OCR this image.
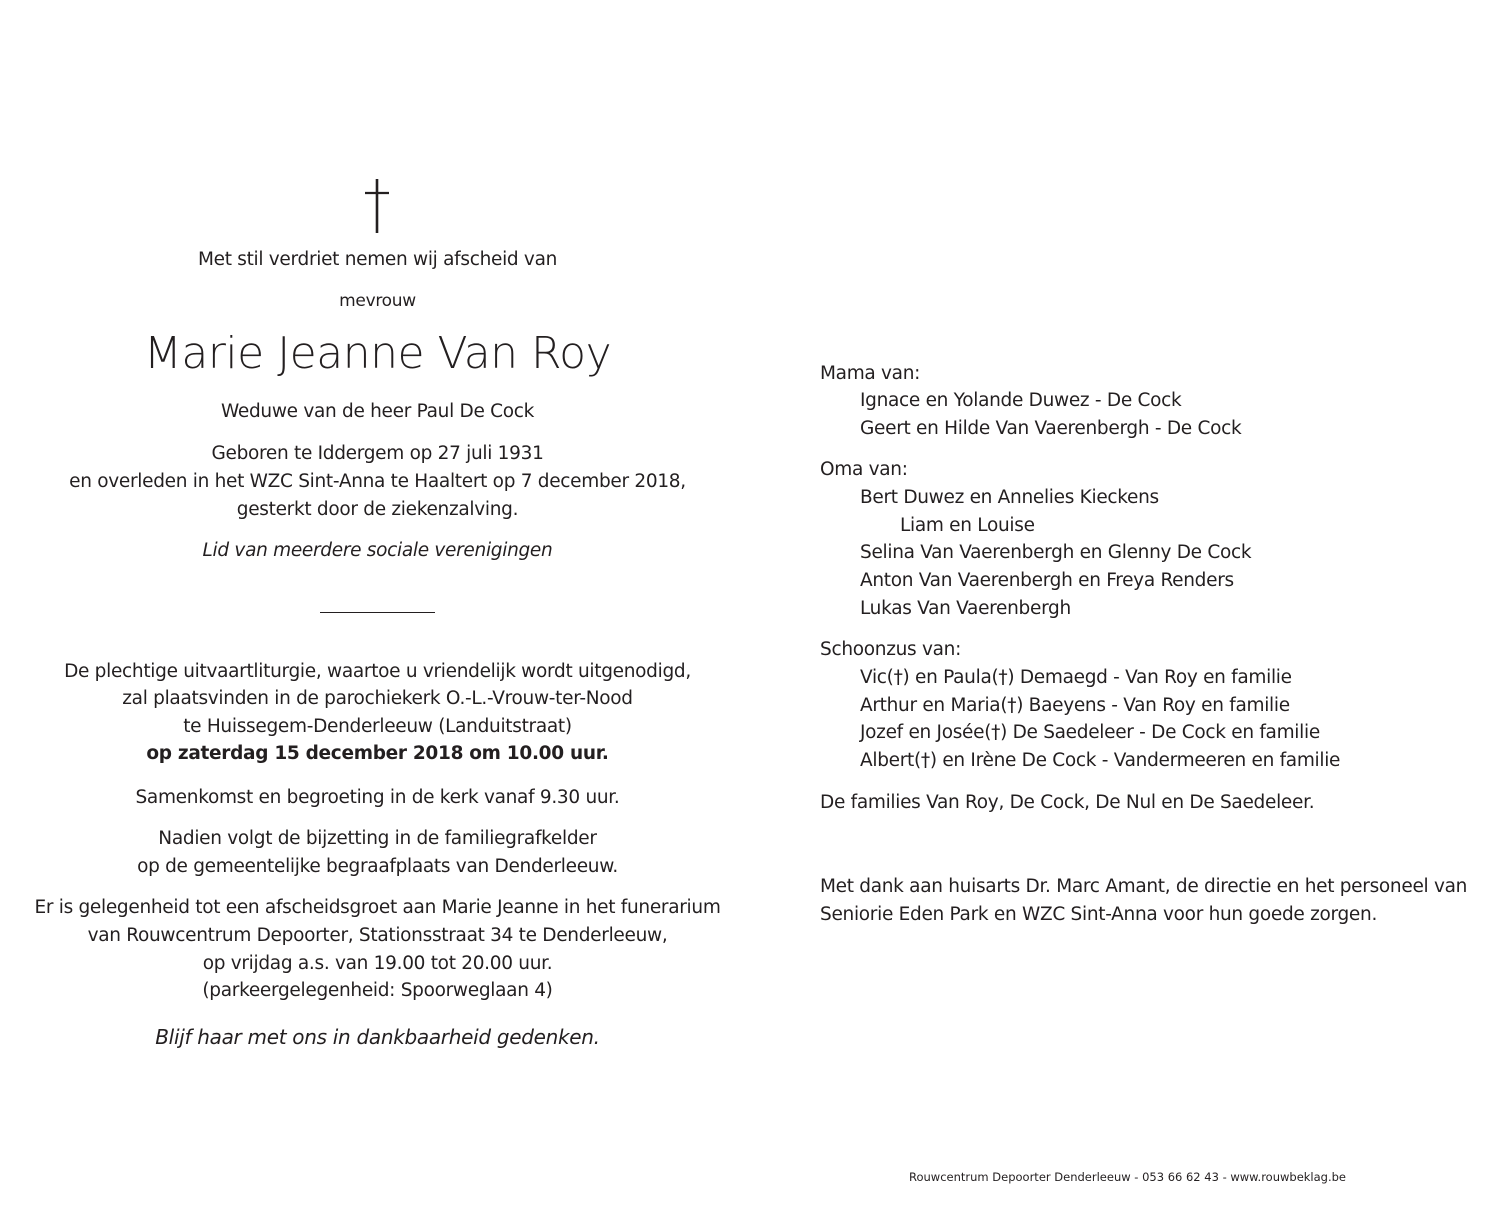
Met stil verdriet nemen wij afscheid van
mevrouw
Marie Jeanne Van Roy
Weduwe van de heer Paul De Cock
Geboren te Iddergem op 27 juli 1931
en overleden in het WZC Sint-Anna te Haaltert op 7 december 2018,
gesterkt door de ziekenzalving.
Lid van meerdere sociale verenigingen
De plechtige uitvaartliturgie, waartoe u vriendelijk wordt uitgenodigd,
zal plaatsvinden in de parochiekerk O.-L.-Vrouw-ter-Nood
te Huissegem-Denderleeuw (Landuitstraat)
op zaterdag 15 december 2018 om 10.00 uur.
Samenkomst en begroeting in de kerk vanaf 9.30 uur.
Nadien volgt de bijzetting in de familiegrafkelder
op de gemeentelijke begraafplaats van Denderleeuw.
Er is gelegenheid tot een afscheidsgroet aan Marie Jeanne in het funerarium
van Rouwcentrum Depoorter, Stationsstraat 34 te Denderleeuw,
op vrijdag a.s. van 19.00 tot 20.00 uur.
(parkeergelegenheid: Spoorweglaan 4)
Blijf haar met ons in dankbaarheid gedenken.
Mama van:
Ignace en Yolande Duwez - De Cock
Geert en Hilde Van Vaerenbergh - De Cock
Oma van:
Bert Duwez en Annelies Kieckens
Liam en Louise
Selina Van Vaerenbergh en Glenny De Cock
Anton Van Vaerenbergh en Freya Renders
Lukas Van Vaerenbergh
Schoonzus van:
Vic(†) en Paula(†) Demaegd - Van Roy en familie
Arthur en Maria(†) Baeyens - Van Roy en familie
Jozef en Josée(†) De Saedeleer - De Cock en familie
Albert(†) en Irène De Cock - Vandermeeren en familie
De families Van Roy, De Cock, De Nul en De Saedeleer.
Met dank aan huisarts Dr. Marc Amant, de directie en het personeel van
Seniorie Eden Park en WZC Sint-Anna voor hun goede zorgen.
Rouwcentrum Depoorter Denderleeuw - 053 66 62 43 - www.rouwbeklag.be
